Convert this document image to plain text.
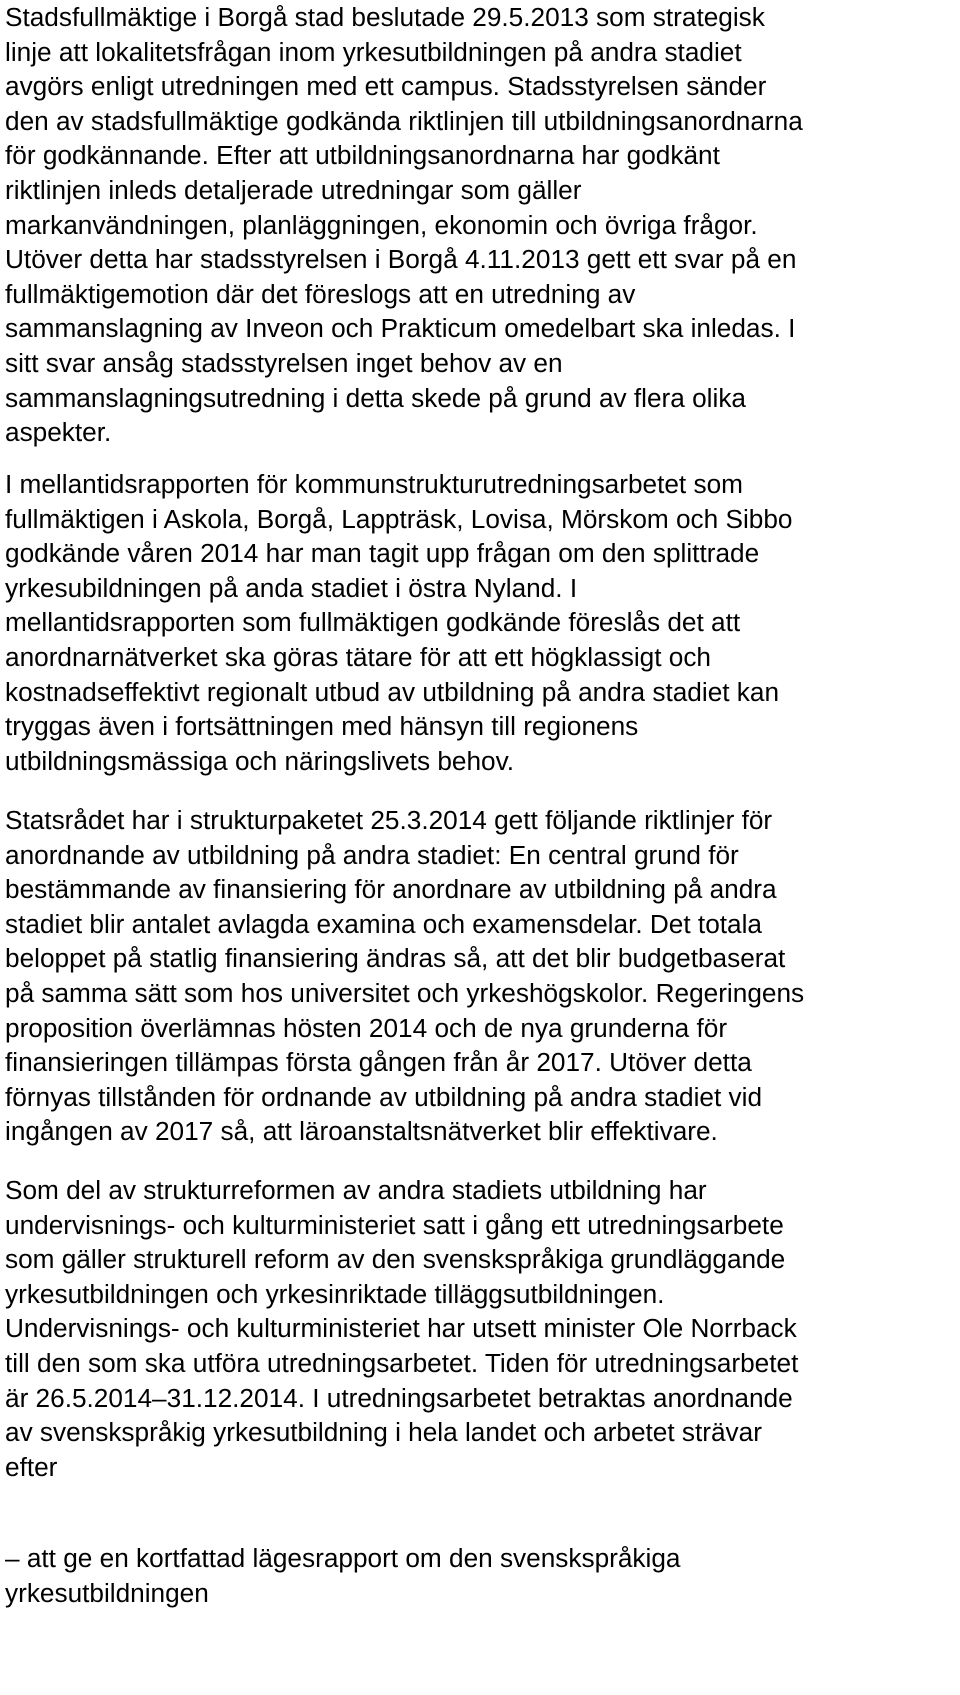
Stadsfullmäktige i Borgå stad beslutade 29.5.2013 som strategisk
linje att lokalitetsfrågan inom yrkesutbildningen på andra stadiet
avgörs enligt utredningen med ett campus. Stadsstyrelsen sänder
den av stadsfullmäktige godkända riktlinjen till utbildningsanordnarna
för godkännande. Efter att utbildningsanordnarna har godkänt
riktlinjen inleds detaljerade utredningar som gäller
markanvändningen, planläggningen, ekonomin och övriga frågor.
Utöver detta har stadsstyrelsen i Borgå 4.11.2013 gett ett svar på en
fullmäktigemotion där det föreslogs att en utredning av
sammanslagning av Inveon och Prakticum omedelbart ska inledas. I
sitt svar ansåg stadsstyrelsen inget behov av en
sammanslagningsutredning i detta skede på grund av flera olika
aspekter.

I mellantidsrapporten för kommunstrukturutredningsarbetet som
fullmäktigen i Askola, Borgå, Lappträsk, Lovisa, Mörskom och Sibbo
godkände våren 2014 har man tagit upp frågan om den splittrade
yrkesubildningen på anda stadiet i östra Nyland. I
mellantidsrapporten som fullmäktigen godkände föreslås det att
anordnarnätverket ska göras tätare för att ett högklassigt och
kostnadseffektivt regionalt utbud av utbildning på andra stadiet kan
tryggas även i fortsättningen med hänsyn till regionens
utbildningsmässiga och näringslivets behov.

Statsrådet har i strukturpaketet 25.3.2014 gett följande riktlinjer för
anordnande av utbildning på andra stadiet: En central grund för
bestämmande av finansiering för anordnare av utbildning på andra
stadiet blir antalet avlagda examina och examensdelar. Det totala
beloppet på statlig finansiering ändras så, att det blir budgetbaserat
på samma sätt som hos universitet och yrkeshögskolor. Regeringens
proposition överlämnas hösten 2014 och de nya grunderna för
finansieringen tillämpas första gången från år 2017. Utöver detta
förnyas tillstånden för ordnande av utbildning på andra stadiet vid
ingången av 2017 så, att läroanstaltsnätverket blir effektivare.

Som del av strukturreformen av andra stadiets utbildning har
undervisnings- och kulturministeriet satt i gång ett utredningsarbete
som gäller strukturell reform av den svenskspråkiga grundläggande
yrkesutbildningen och yrkesinriktade tilläggsutbildningen.
Undervisnings- och kulturministeriet har utsett minister Ole Norrback
till den som ska utföra utredningsarbetet. Tiden för utredningsarbetet
är 26.5.2014–31.12.2014. I utredningsarbetet betraktas anordnande
av svenskspråkig yrkesutbildning i hela landet och arbetet strävar
efter

– att ge en kortfattad lägesrapport om den svenskspråkiga
yrkesutbildningen
